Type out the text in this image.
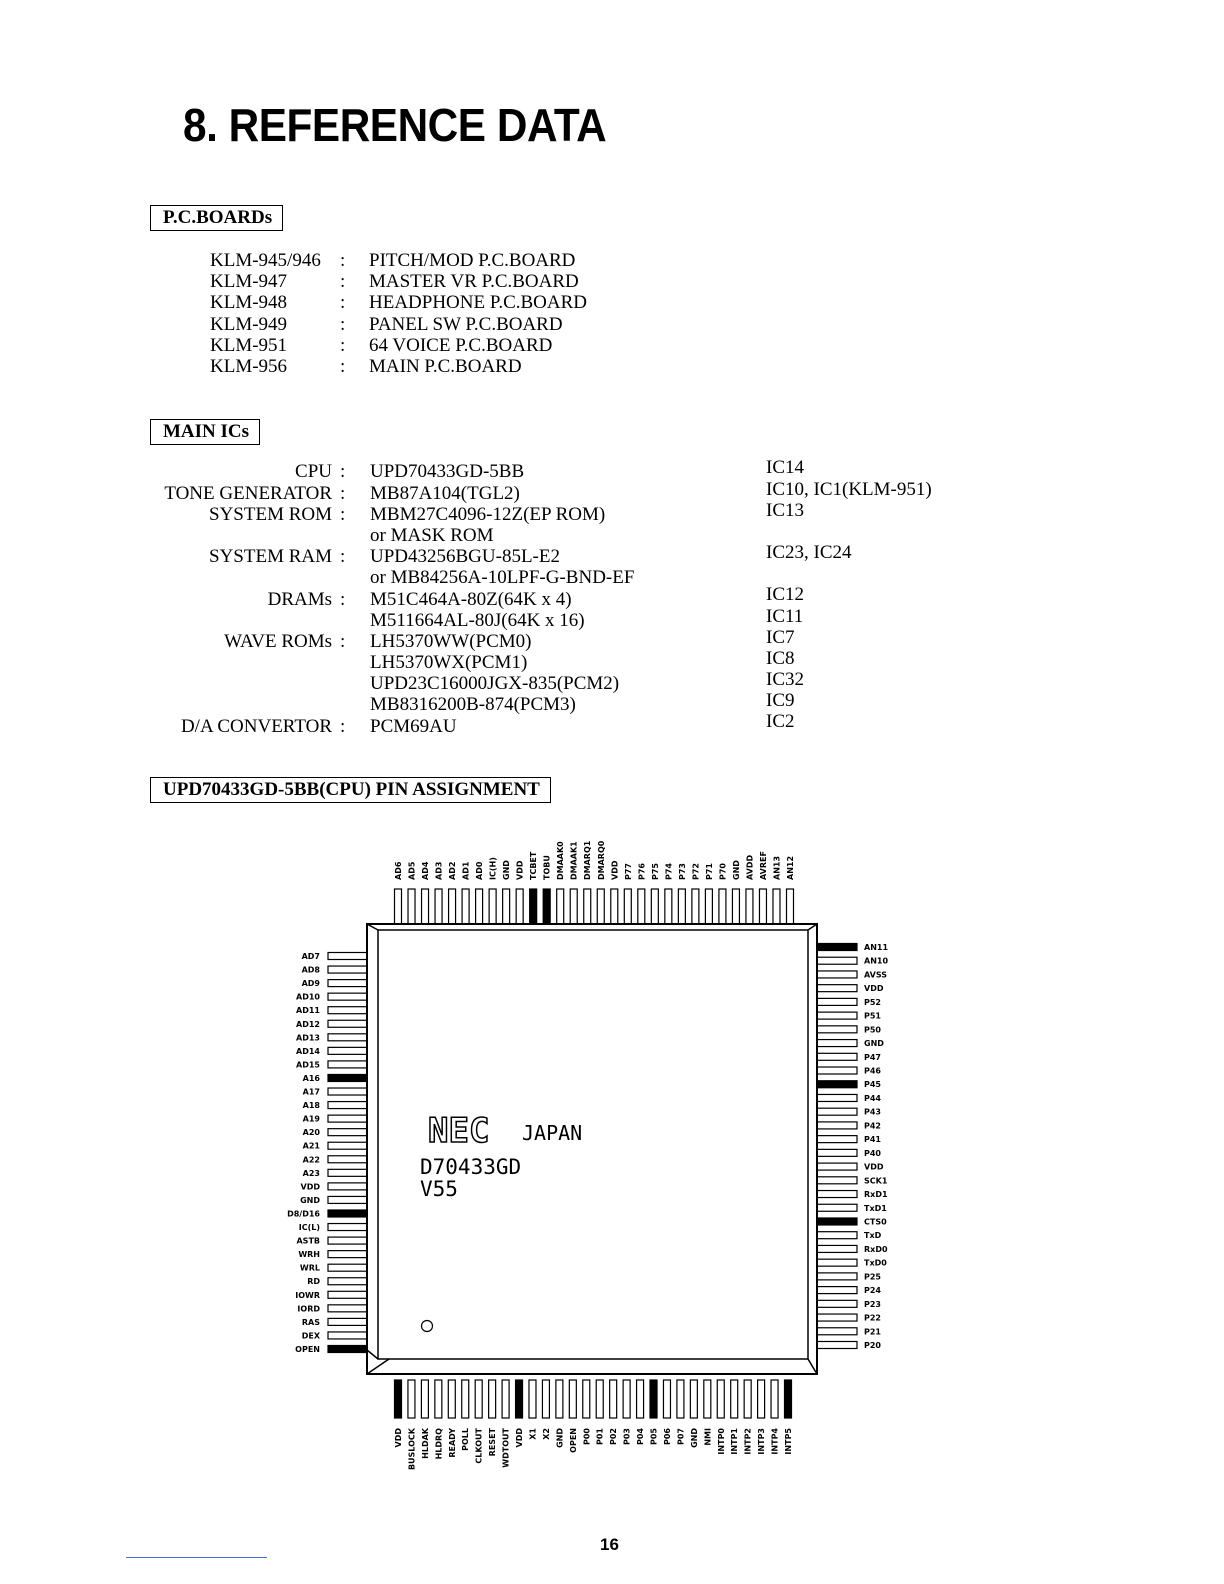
8. REFERENCE DATA
P.C.BOARDs
KLM-945/946 : PITCH/MOD P.C.BOARD
KLM-947	: MASTER VR P.C.BOARD
KLM-948	: HEADPHONE P.C.BOARD
KLM-949	: PANEL SW P.C.BOARD
KLM-951	: 64 VOICE P.C.BOARD
KLM-956	: MAIN P.C.BOARD
MAIN ICs
CPU : UPD70433GD-5BB	IC14
TONE GENERATOR : MB87A104(TGL2)	IC10, IC1(KLM-951)
SYSTEM ROM : MBM27C4096-12Z(EP ROM)	IC13
or MASK ROM
SYSTEM RAM : UPD43256BGU-85L-E2	IC23, IC24
or MB84256A-10LPF-G-BND-EF
DRAMs : M51C464A-80Z(64K x 4)	IC12
M511664AL-80J(64K x 16)	IC11
WAVE ROMs : LH5370WW(PCM0)	IC7
LH5370WX(PCM1)	IC8
UPD23C16000JGX-835(PCM2)	IC32
MB8316200B-874(PCM3)	IC9
D/A CONVERTOR : PCM69AU	IC2
UPD70433GD-5BB(CPU) PIN ASSIGNMENT
AD6 AD5 AD4 AD3 AD2 AD1 AD0 IC(H) GND VDD TCBET TOBU DMAAK0 DMAAK1 DMARQ1 DMARQ0 VDD P77 P76 P75 P74 P73 P72 P71 P70 GND AVDD AVREF AN13 AN12
VDD BUSLOCK HLDAK HLDRQ READY POLL CLKOUT RESET WDTOUT VDD X1 X2 GND OPEN P00 P01 P02 P03 P04 P05 P06 P07 GND NMI INTP0 INTP1 INTP2 INTP3 INTP4 INTP5
AD7
AD8
AD9
AD10
AD11
AD12
AD13
AD14
AD15
A16
A17
A18
A19
A20
A21
A22
A23
VDD
GND
D8/D16
IC(L)
ASTB
WRH
WRL
RD
IOWR
IORD
RAS
DEX
OPEN
AN11
AN10
AVSS
VDD
P52
P51
P50
GND
P47
P46
P45
P44
P43
P42
P41
P40
VDD
SCK1
RxD1
TxD1
CTS0
TxD
RxD0
TxD0
P25
P24
P23
P22
P21
P20
NEC JAPAN
D70433GD
V55
16
